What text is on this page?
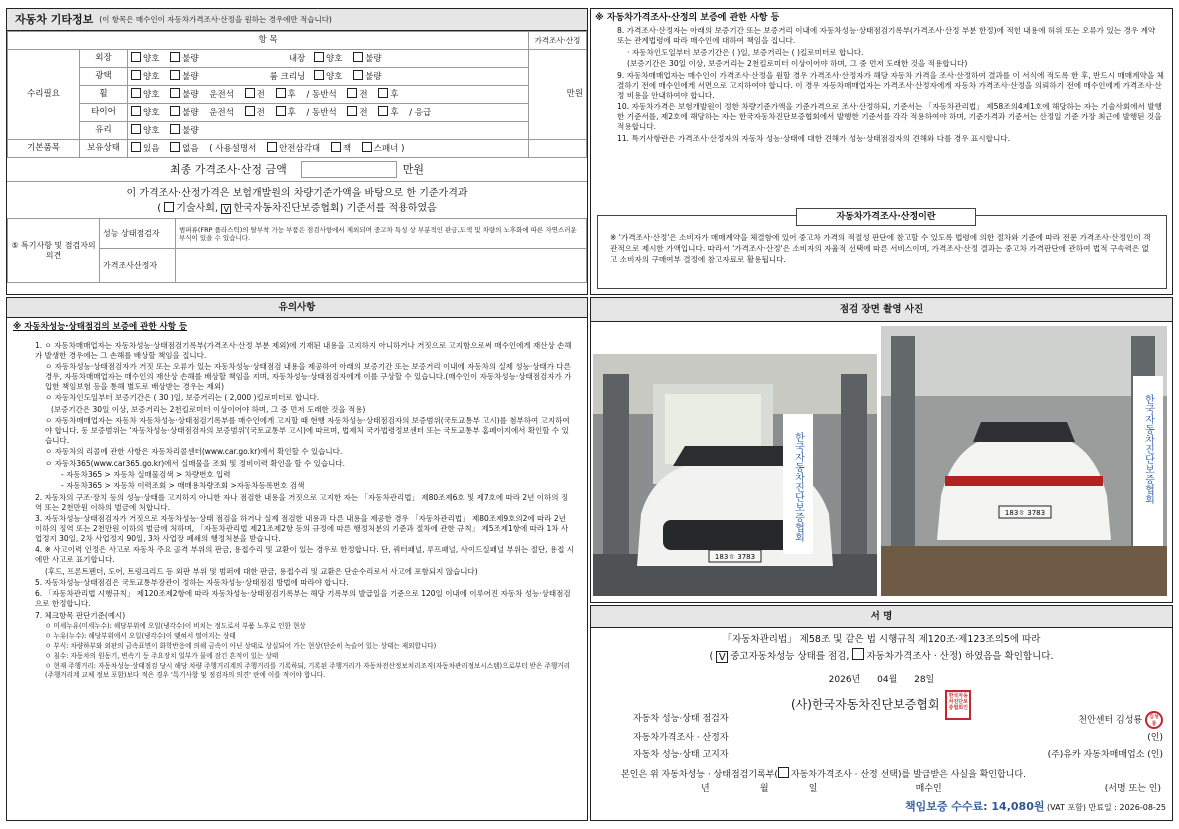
자동차 기타정보 (이 항목은 매수인이 자동차가격조사·산정을 원하는 경우에만 적습니다)
항 목			가격조사·산정
수리필요	외장	양호 불량 내장 양호 불량	만원
	광택	양호 불량 룸 크리닝 양호 불량	
	휠	양호 불량 운전석 전 후 / 동반석 전 후	
	타이어	양호 불량 운전석 전 후 / 동반석 전 후 / 응급	
	유리	양호 불량	
기본품목	보유상태	있음 없음 ( 사용설명서 안전삼각대 잭 스패너 )	
최종 가격조사·산정 금액	만원
이 가격조사·산정가격은 보험개발원의 차량기준가액을 바탕으로 한 기준가격과
( 기술사회, V 한국자동차진단보증협회) 기준서를 적용하였음
⑤ 특기사항 및 점검자의 의견	성능 상태점검자	범퍼류(FRP 플라스틱)의 탈부착 가능 부품은 점검사항에서 제외되며 중고차 특성 상 부분적인 판금,도색 및 차량의 노후화에 따른 자연스러운 부식이 있을 수 있습니다.
	가격조사산정자	
※ 자동차가격조사·산정의 보증에 관한 사항 등

8. 가격조사·산정자는 아래의 보증기간 또는 보증거리 이내에 자동차성능·상태점검기록부(가격조사·산정 부분 한정)에 적힌 내용에 허위 또는 오류가 있는 경우 계약 또는 관계법령에 따라 매수인에 대하여 책임을 집니다.

· 자동차인도일부터 보증기간은 ( )일, 보증거리는 ( )킬로미터로 합니다.

(보증기간은 30일 이상, 보증거리는 2천킬로미터 이상이어야 하며, 그 중 먼저 도래한 것을 적용합니다)

9. 자동차매매업자는 매수인이 가격조사·산정을 원할 경우 가격조사·산정자가 해당 자동차 가격을 조사·산정하여 결과를 이 서식에 적도록 한 후, 반드시 매매계약을 체결하기 전에 매수인에게 서면으로 고지하여야 합니다. 이 경우 자동차매매업자는 가격조사·산정자에게 자동차 가격조사·산정을 의뢰하기 전에 매수인에게 가격조사·산정 비용을 안내하여야 합니다.

10. 자동차가격은 보험개발원이 정한 차량기준가액을 기준가격으로 조사·산정하되, 기준서는 「자동차관리법」 제58조의4제1호에 해당하는 자는 기술사회에서 발행한 기준서를, 제2호에 해당하는 자는 한국자동차진단보증협회에서 발행한 기준서를 각각 적용하여야 하며, 기준가격과 기준서는 산정일 기준 가장 최근에 발행된 것을 적용합니다.

11. 특기사항란은 가격조사·산정자의 자동차 성능·상태에 대한 견해가 성능·상태점검자의 견해와 다를 경우 표시합니다.

자동차가격조사·산정이란
※ '가격조사·산정'은 소비자가 매매계약을 체결함에 있어 중고차 가격의 적절성 판단에 참고할 수 있도록 법령에 의한 절차와 기준에 따라 전문 가격조사·산정인이 객관적으로 제시한 가액입니다. 따라서 '가격조사·산정'은 소비자의 자율적 선택에 따른 서비스이며, 가격조사·산정 결과는 중고차 가격판단에 관하여 법적 구속력은 없고 소비자의 구매여부 결정에 참고자료로 활용됩니다.
유의사항
※ 자동차성능·상태점검의 보증에 관한 사항 등

1. ㅇ 자동차매매업자는 자동차성능·상태점검기록부(가격조사·산정 부분 제외)에 기재된 내용을 고지하지 아니하거나 거짓으로 고지함으로써 매수인에게 재산상 손해가 발생한 경우에는 그 손해를 배상할 책임을 집니다.

ㅇ 자동차성능·상태점검자가 거짓 또는 오류가 있는 자동차성능·상태점검 내용을 제공하여 아래의 보증기간 또는 보증거리 이내에 자동차의 실제 성능·상태가 다른 경우, 자동차매매업자는 매수인의 재산상 손해를 배상할 책임을 지며, 자동차성능·상태점검자에게 이를 구상할 수 있습니다.(매수인이 자동차성능·상태점검자가 가입한 책임보험 등을 통해 별도로 배상받는 경우는 제외)

ㅇ 자동차인도일부터 보증기간은 ( 30 )일, 보증거리는 ( 2,000 )킬로미터로 합니다.

(보증기간은 30일 이상, 보증거리는 2천킬로미터 이상이어야 하며, 그 중 먼저 도래한 것을 적용)

ㅇ 자동차매매업자는 자동차 자동차성능·상태점검기록부를 매수인에게 고지할 때 현행 자동차성능·상태점검자의 보증범위(국토교통부 고시)를 첨부하여 고지하여야 합니다. 동 보증범위는 '자동차성능·상태점검자의 보증범위'(국토교통부 고시)에 따르며, 법제처 국가법령정보센터 또는 국토교통부 홈페이지에서 확인할 수 있습니다.

ㅇ 자동차의 리콜에 관한 사항은 자동차리콜센터(www.car.go.kr)에서 확인할 수 있습니다.

ㅇ 자동차365(www.car365.go.kr)에서 실매물을 조회 및 정비이력 확인을 할 수 있습니다.

- 자동차365 > 자동차 실매물검색 > 차량번호 입력

- 자동차365 > 자동차 이력조회 > 매매용차량조회 >자동차등록번호 검색

2. 자동차의 구조·장치 등의 성능·상태를 고지하지 아니한 자나 점검한 내용을 거짓으로 고지한 자는 「자동차관리법」 제80조제6호 및 제7호에 따라 2년 이하의 징역 또는 2천만원 이하의 벌금에 처합니다.

3. 자동차성능·상태점검자가 거짓으로 자동차성능·상태 점검을 하거나 실제 점검한 내용과 다른 내용을 제공한 경우 「자동차관리법」 제80조제9호의2에 따라 2년 이하의 징역 또는 2천만원 이하의 벌금에 처하며, 「자동차관리법 제21조제2항 등의 규정에 따른 행정처분의 기준과 절차에 관한 규칙」 제5조제1항에 따라 1차 사업정지 30일, 2차 사업정지 90일, 3차 사업장 폐쇄의 행정처분을 받습니다.

4. ※ 사고이력 인정은 사고로 자동차 주요 골격 부위의 판금, 용접수리 및 교환이 있는 경우로 한정합니다. 단, 쿼터패널, 루프패널, 사이드실패널 부위는 절단, 용접 시에만 사고로 표기합니다.

(후드, 프론트펜더, 도어, 트렁크리드 등 외판 부위 및 범퍼에 대한 판금, 용접수리 및 교환은 단순수리로서 사고에 포함되지 않습니다)

5. 자동차성능·상태점검은 국토교통부장관이 정하는 자동차성능·상태점검 방법에 따라야 합니다.

6. 「자동차관리법 시행규칙」 제120조제2항에 따라 자동차성능·상태점검기록부는 해당 기록부의 발급일을 기준으로 120일 이내에 이루어진 자동차 성능·상태점검으로 한정합니다.

7. 체크항목 판단기준(예시)

ㅇ 미세누유(미세누수): 해당부위에 오일(냉각수)이 비치는 정도로서 부품 노후로 인한 현상

ㅇ 누유(누수): 해당부위에서 오일(냉각수)이 맺혀서 떨어지는 상태

ㅇ 부식: 차량하부와 외판의 금속표면이 화학반응에 의해 금속이 아닌 상태로 상실되어 가는 현상(단순히 녹슬어 있는 상태는 제외합니다)

ㅇ 침수: 자동차의 원동기, 변속기 등 주요장치 일부가 물에 잠긴 흔적이 있는 상태

ㅇ 현재 주행거리: 자동차성능·상태점검 당시 해당 차량 주행거리계의 주행거리를 기록하되, 기록된 주행거리가 자동차전산정보처리조직(자동차관리정보시스템)으로부터 받은 주행거리(주행거리계 교체 정보 포함)보다 적은 경우 '특기사항 및 점검자의 의견' 란에 이를 적어야 합니다.

점검 장면 촬영 사진
183ㅎ 3783
한국자동차진단보증협회	183ㅎ 3783
한국자동차진단보증협회
서 명
「자동차관리법」 제58조 및 같은 법 시행규칙 제120조·제123조의5에 따라
( V 중고자동차성능 상태를 점검, 자동차가격조사 · 산정) 하였음을 확인합니다.
2026년 04월 28일
(사)한국자동차진단보증협회
한국자동차진단보증협회인
자동차 성능·상태 점검자	천안센터 김성룡 김성룡
자동차가격조사 · 산정자	(인)
자동차 성능·상태 고지자	(주)유카 자동차매매업소 (인)
본인은 위 자동차성능 · 상태점검기록부( 자동차가격조사 · 산정 선택)를 발급받은 사실을 확인합니다.
년	월	일	매수인	(서명 또는 인)
책임보증 수수료: 14,080원 (VAT 포함) 만료일 : 2026-08-25
